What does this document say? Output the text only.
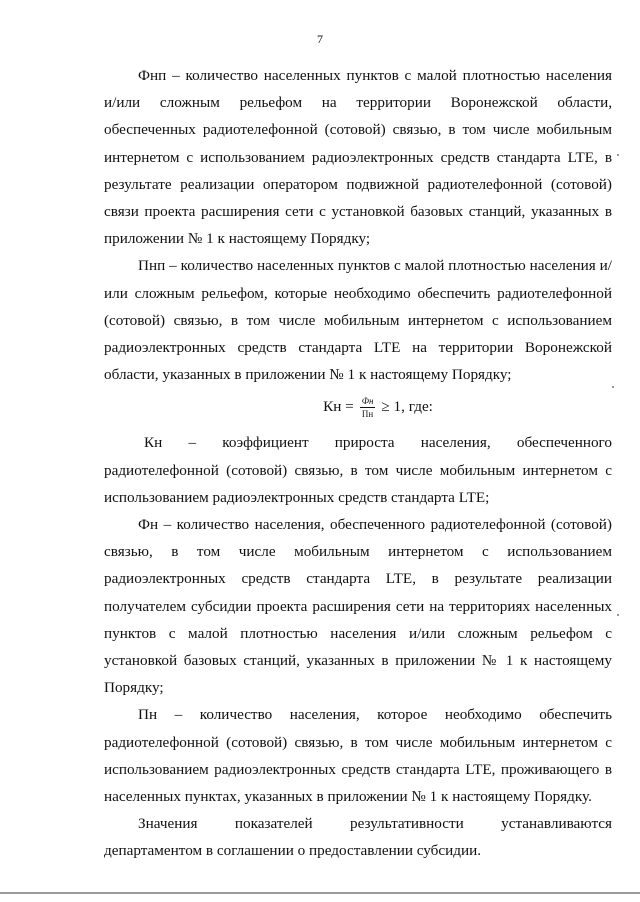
7

Фнп – количество населенных пунктов с малой плотностью населения и/или сложным рельефом на территории Воронежской области, обеспеченных радиотелефонной (сотовой) связью, в том числе мобильным интернетом с использованием радиоэлектронных средств стандарта LTE, в результате реализации оператором подвижной радиотелефонной (сотовой) связи проекта расширения сети с установкой базовых станций, указанных в приложении № 1 к настоящему Порядку;

Пнп – количество населенных пунктов с малой плотностью населения и/или сложным рельефом, которые необходимо обеспечить радиотелефонной (сотовой) связью, в том числе мобильным интернетом с использованием радиоэлектронных средств стандарта LTE на территории Воронежской области, указанных в приложении № 1 к настоящему Порядку;

Кн = $\frac{Фн}{Пн} \ge 1$, где:

Кн – коэффициент прироста населения, обеспеченного радиотелефонной (сотовой) связью, в том числе мобильным интернетом с использованием радиоэлектронных средств стандарта LTE;

Фн – количество населения, обеспеченного радиотелефонной (сотовой) связью, в том числе мобильным интернетом с использованием радиоэлектронных средств стандарта LTE, в результате реализации получателем субсидии проекта расширения сети на территориях населенных пунктов с малой плотностью населения и/или сложным рельефом с установкой базовых станций, указанных в приложении № 1 к настоящему Порядку;

Пн – количество населения, которое необходимо обеспечить радиотелефонной (сотовой) связью, в том числе мобильным интернетом с использованием радиоэлектронных средств стандарта LTE, проживающего в населенных пунктах, указанных в приложении № 1 к настоящему Порядку.

Значения показателей результативности устанавливаются департаментом в соглашении о предоставлении субсидии.
